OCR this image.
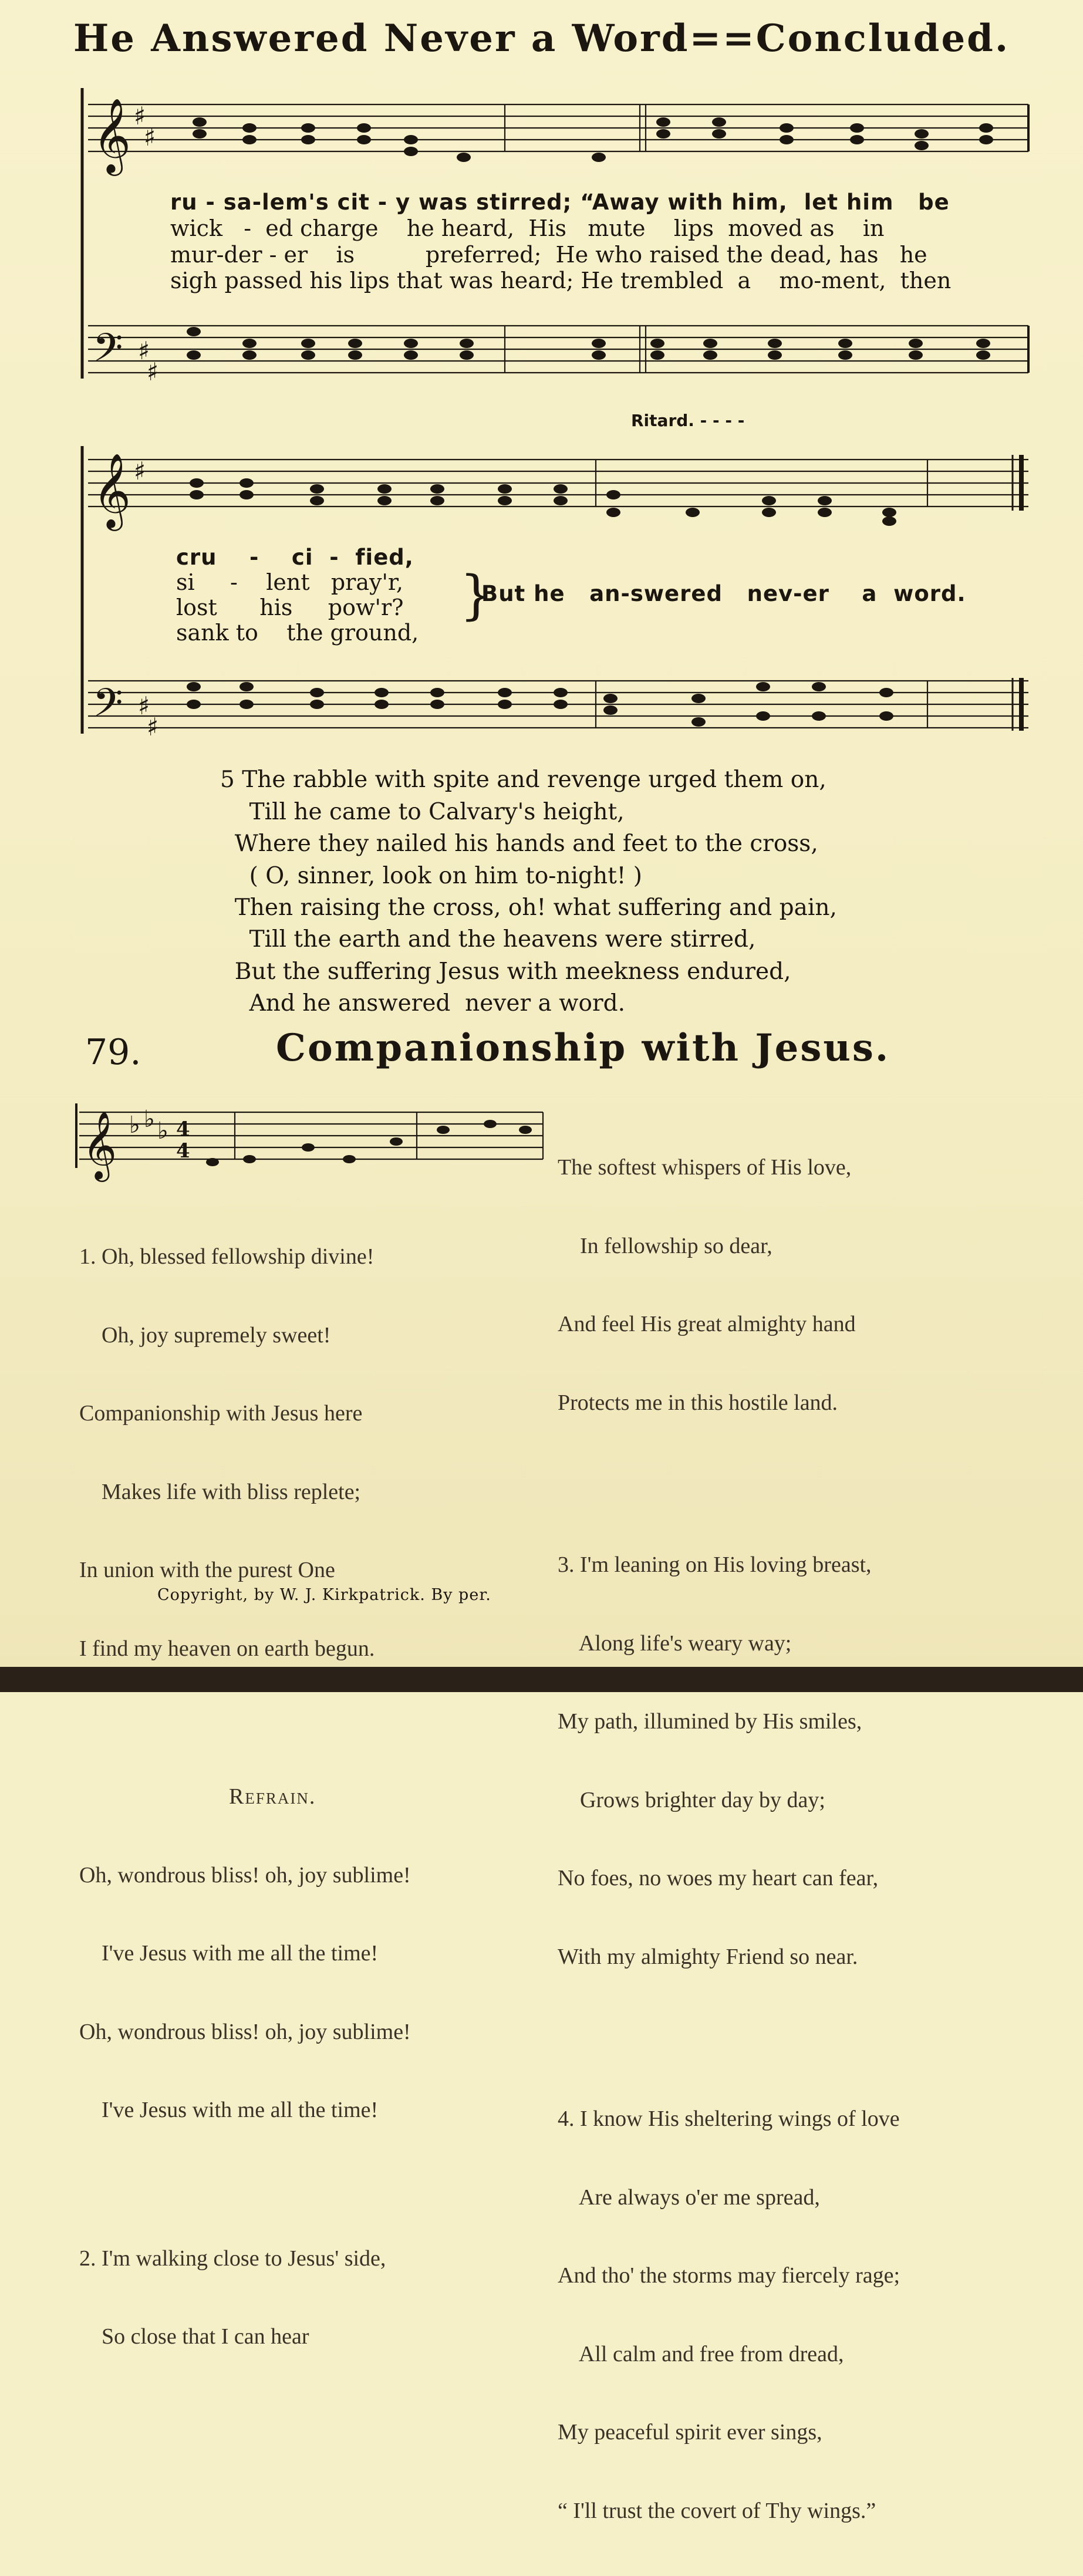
He Answered Never a Word==Concluded.
𝄞
𝄢
𝄞
𝄢
𝄞
♯
♯
♯
♯
♯
♯
♯
♭ ♭ ♭ 4
4
ru - sa-lem's cit - y was stirred; “Away with him,  let him   be
wick   -  ed charge    he heard,  His   mute    lips  moved as    in
mur-der - er    is          preferred;  He who raised the dead, has   he
sigh passed his lips that was heard; He trembled  a    mo-ment,  then
Ritard. - - - -
cru    -    ci  -  fied,
si     -    lent   pray'r,
lost      his     pow'r?
sank to    the ground,
}
But he   an-swered   nev-er    a  word.
5 The rabble with spite and revenge urged them on,
Till he came to Calvary's height,
Where they nailed his hands and feet to the cross,
( O, sinner, look on him to-night! )
Then raising the cross, oh! what suffering and pain,
Till the earth and the heavens were stirred,
But the suffering Jesus with meekness endured,
And he answered  never a word.
79.	Companionship with Jesus.

1. Oh, blessed fellowship divine!

Oh, joy supremely sweet!

Companionship with Jesus here

Makes life with bliss replete;

In union with the purest One

I find my heaven on earth begun.

Refrain.

Oh, wondrous bliss! oh, joy sublime!

I've Jesus with me all the time!

Oh, wondrous bliss! oh, joy sublime!

I've Jesus with me all the time!

2. I'm walking close to Jesus' side,

So close that I can hear

The softest whispers of His love,

In fellowship so dear,

And feel His great almighty hand

Protects me in this hostile land.

3. I'm leaning on His loving breast,

Along life's weary way;

My path, illumined by His smiles,

Grows brighter day by day;

No foes, no woes my heart can fear,

With my almighty Friend so near.

4. I know His sheltering wings of love

Are always o'er me spread,

And tho' the storms may fiercely rage;

All calm and free from dread,

My peaceful spirit ever sings,

“ I'll trust the covert of Thy wings.”

Copyright, by W. J. Kirkpatrick. By per.
